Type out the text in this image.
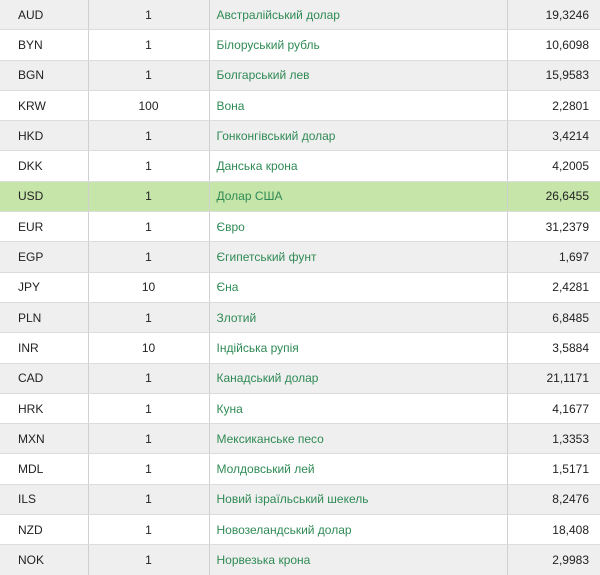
AUD	1	Австралійський долар	19,3246
BYN	1	Білоруський рубль	10,6098
BGN	1	Болгарський лев	15,9583
KRW	100	Вона	2,2801
HKD	1	Гонконгівський долар	3,4214
DKK	1	Данська крона	4,2005
USD	1	Долар США	26,6455
EUR	1	Євро	31,2379
EGP	1	Єгипетський фунт	1,697
JPY	10	Єна	2,4281
PLN	1	Злотий	6,8485
INR	10	Індійська рупія	3,5884
CAD	1	Канадський долар	21,1171
HRK	1	Куна	4,1677
MXN	1	Мексиканське песо	1,3353
MDL	1	Молдовський лей	1,5171
ILS	1	Новий ізраїльський шекель	8,2476
NZD	1	Новозеландський долар	18,408
NOK	1	Норвезька крона	2,9983
